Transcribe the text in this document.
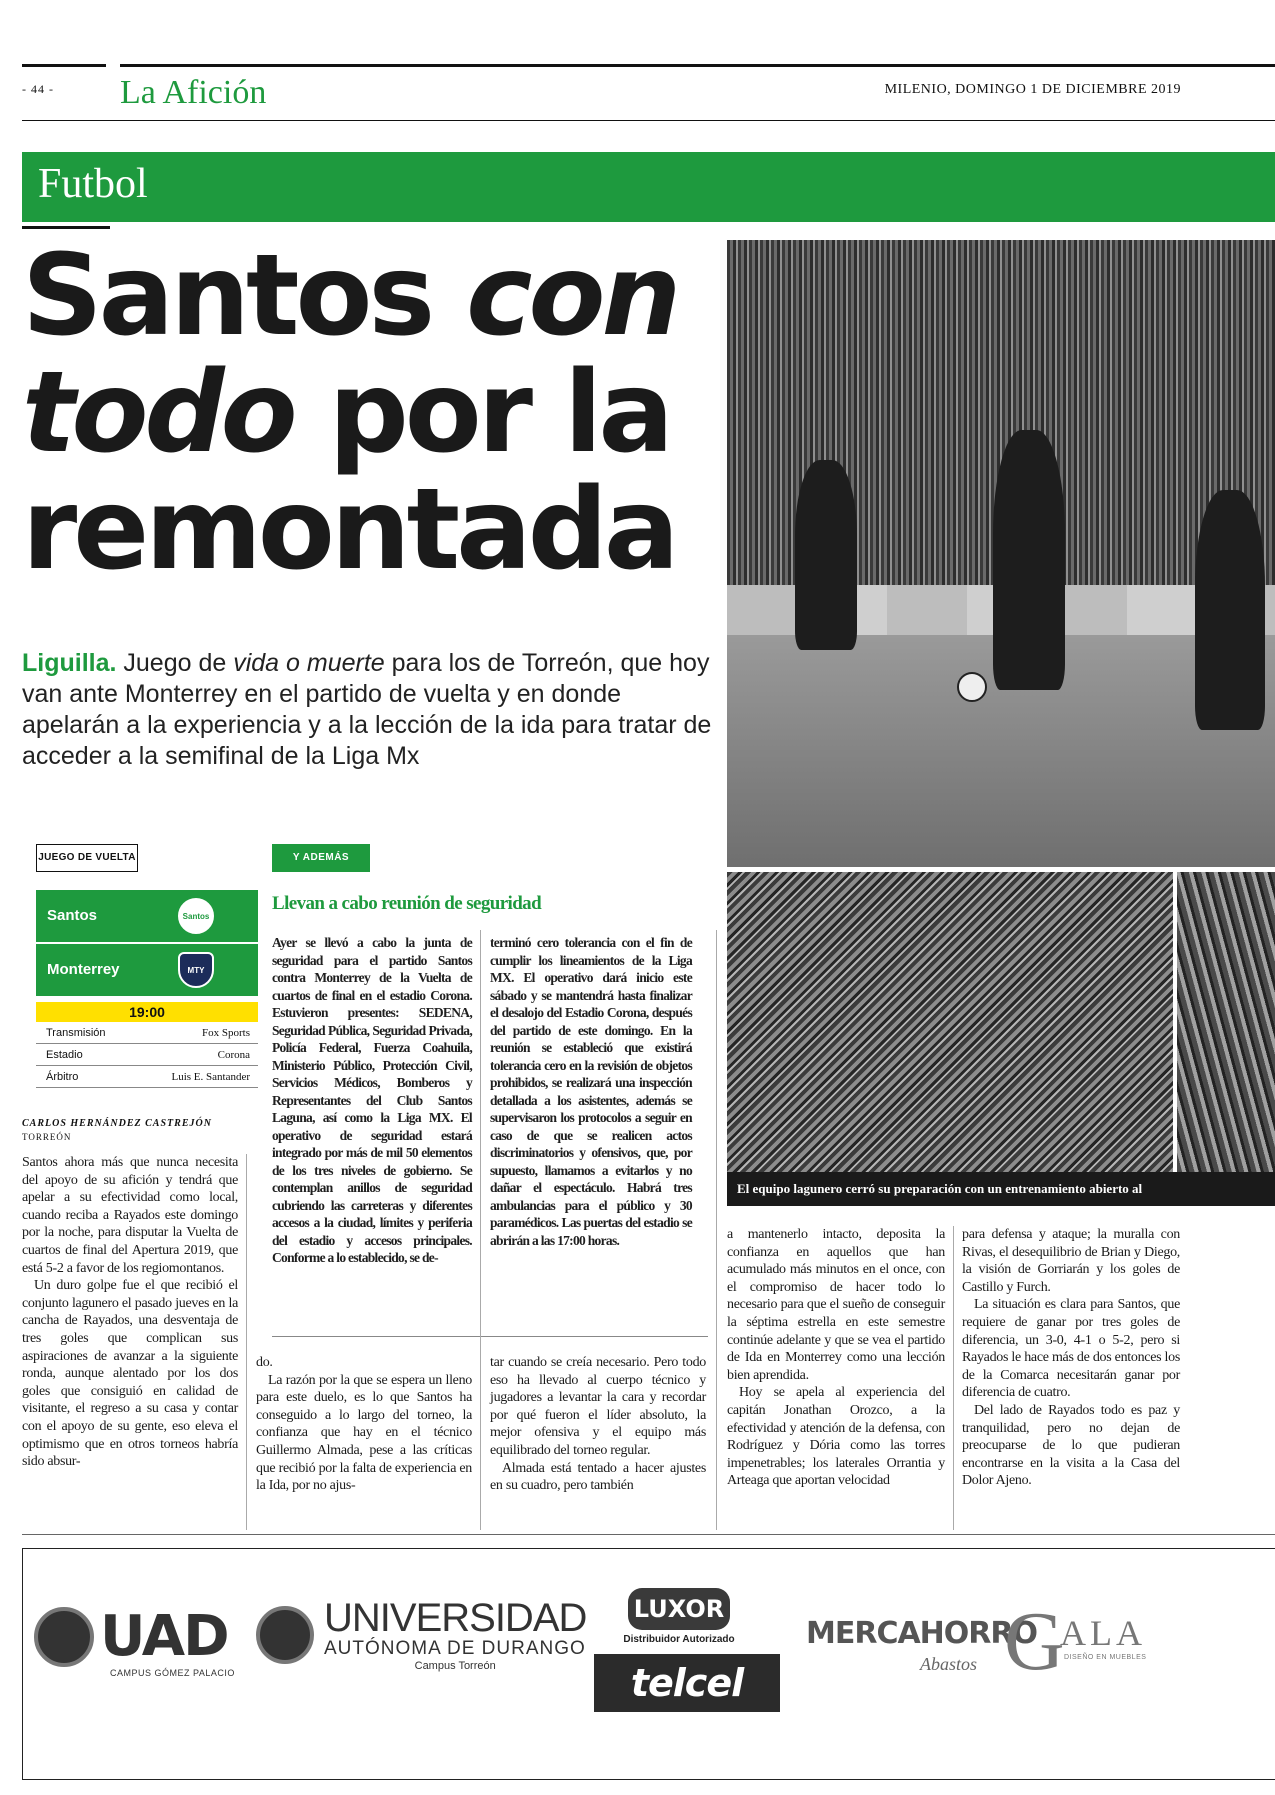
- 44 - La Afición	MILENIO, DOMINGO 1 DE DICIEMBRE 2019
Futbol
Santos con
todo por la
remontada
Liguilla. Juego de vida o muerte para los de Torreón, que hoy van ante Monterrey en el partido de vuelta y en donde apelarán a la experiencia y a la lección de la ida para tratar de acceder a la semifinal de la Liga Mx
El equipo lagunero cerró su preparación con un entrenamiento abierto al
JUEGO DE VUELTA
Santos	Santos
Monterrey	MTY
19:00
Transmisión	Fox Sports
Estadio	Corona
Árbitro	Luis E. Santander
CARLOS HERNÁNDEZ CASTREJÓN
TORREÓN

Santos ahora más que nunca necesita del apoyo de su afición y tendrá que apelar a su efectividad como local, cuando reciba a Rayados este domingo por la noche, para disputar la Vuelta de cuartos de final del Apertura 2019, que está 5-2 a favor de los regiomontanos.

Un duro golpe fue el que recibió el conjunto lagunero el pasado jueves en la cancha de Rayados, una desventaja de tres goles que complican sus aspiraciones de avanzar a la siguiente ronda, aunque alentado por los dos goles que consiguió en calidad de visitante, el regreso a su casa y contar con el apoyo de su gente, eso eleva el optimismo que en otros torneos habría sido absur-

do.

La razón por la que se espera un lleno para este duelo, es lo que Santos ha conseguido a lo largo del torneo, la confianza que hay en el técnico Guillermo Almada, pese a las críticas que recibió por la falta de experiencia en la Ida, por no ajus-

tar cuando se creía necesario. Pero todo eso ha llevado al cuerpo técnico y jugadores a levantar la cara y recordar por qué fueron el líder absoluto, la mejor ofensiva y el equipo más equilibrado del torneo regular.

Almada está tentado a hacer ajustes en su cuadro, pero también

a mantenerlo intacto, deposita la confianza en aquellos que han acumulado más minutos en el once, con el compromiso de hacer todo lo necesario para que el sueño de conseguir la séptima estrella en este semestre continúe adelante y que se vea el partido de Ida en Monterrey como una lección bien aprendida.

Hoy se apela al experiencia del capitán Jonathan Orozco, a la efectividad y atención de la defensa, con Rodríguez y Dória como las torres impenetrables; los laterales Orrantia y Arteaga que aportan velocidad

para defensa y ataque; la muralla con Rivas, el desequilibrio de Brian y Diego, la visión de Gorriarán y los goles de Castillo y Furch.

La situación es clara para Santos, que requiere de ganar por tres goles de diferencia, un 3-0, 4-1 o 5-2, pero si Rayados le hace más de dos entonces los de la Comarca necesitarán ganar por diferencia de cuatro.

Del lado de Rayados todo es paz y tranquilidad, pero no dejan de preocuparse de lo que pudieran encontrarse en la visita a la Casa del Dolor Ajeno.

Y ADEMÁS
Llevan a cabo reunión de seguridad
Ayer se llevó a cabo la junta de seguridad para el partido Santos contra Monterrey de la Vuelta de cuartos de final en el estadio Corona. Estuvieron presentes: SEDENA, Seguridad Pública, Seguridad Privada, Policía Federal, Fuerza Coahuila, Ministerio Público, Protección Civil, Servicios Médicos, Bomberos y Representantes del Club Santos Laguna, así como la Liga MX. El operativo de seguridad estará integrado por más de mil 50 elementos de los tres niveles de gobierno. Se contemplan anillos de seguridad cubriendo las carreteras y diferentes accesos a la ciudad, límites y periferia del estadio y accesos principales. Conforme a lo establecido, se de-
terminó cero tolerancia con el fin de cumplir los lineamientos de la Liga MX. El operativo dará inicio este sábado y se mantendrá hasta finalizar el desalojo del Estadio Corona, después del partido de este domingo. En la reunión se estableció que existirá tolerancia cero en la revisión de objetos prohibidos, se realizará una inspección detallada a los asistentes, además se supervisaron los protocolos a seguir en caso de que se realicen actos discriminatorios y ofensivos, que, por supuesto, llamamos a evitarlos y no dañar el espectáculo. Habrá tres ambulancias para el público y 30 paramédicos. Las puertas del estadio se abrirán a las 17:00 horas.
UAD
CAMPUS GÓMEZ PALACIO
UNIVERSIDAD
AUTÓNOMA DE DURANGO
Campus Torreón
LUXOR
Distribuidor Autorizado
telcel
MERCAHORRO
Abastos G
ALA
DISEÑO EN MUEBLES
